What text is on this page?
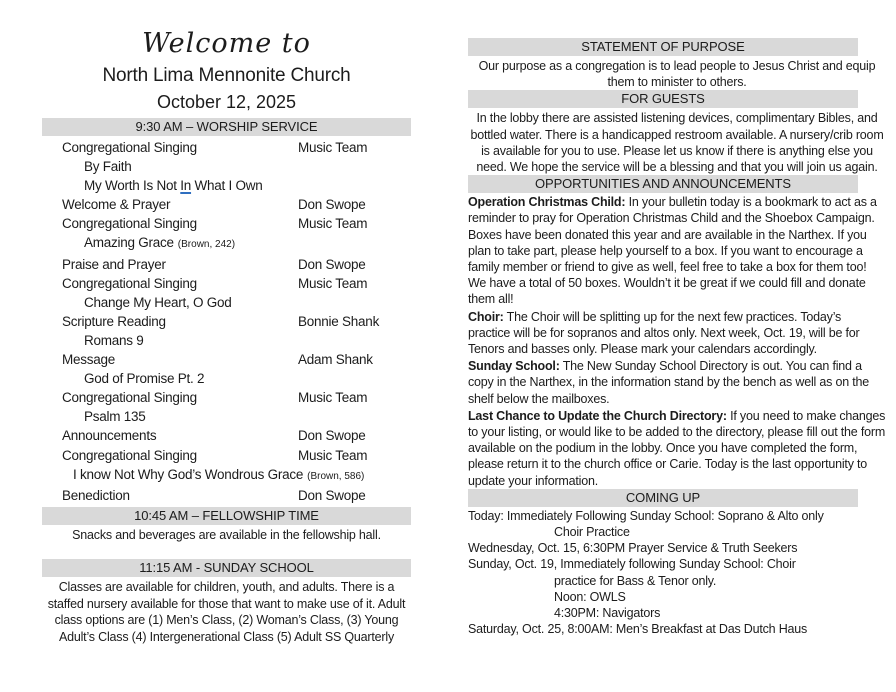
Welcome to
North Lima Mennonite Church
October 12, 2025
9:30 AM – WORSHIP SERVICE
Congregational Singing	Music Team
By Faith
My Worth Is Not In What I Own
Welcome & Prayer	Don Swope
Congregational Singing	Music Team
Amazing Grace (Brown, 242)
Praise and Prayer	Don Swope
Congregational Singing	Music Team
Change My Heart, O God
Scripture Reading	Bonnie Shank
Romans 9
Message	Adam Shank
God of Promise Pt. 2
Congregational Singing	Music Team
Psalm 135
Announcements	Don Swope
Congregational Singing	Music Team
I know Not Why God’s Wondrous Grace (Brown, 586)
Benediction	Don Swope
10:45 AM – FELLOWSHIP TIME

Snacks and beverages are available in the fellowship hall.

11:15 AM - SUNDAY SCHOOL

Classes are available for children, youth, and adults. There is a staffed nursery available for those that want to make use of it. Adult class options are (1) Men’s Class, (2) Woman’s Class, (3) Young Adult’s Class (4) Intergenerational Class (5) Adult SS Quarterly

STATEMENT OF PURPOSE

Our purpose as a congregation is to lead people to Jesus Christ and equip them to minister to others.

FOR GUESTS

In the lobby there are assisted listening devices, complimentary Bibles, and bottled water. There is a handicapped restroom available. A nursery/crib room is available for you to use. Please let us know if there is anything else you need. We hope the service will be a blessing and that you will join us again.

OPPORTUNITIES AND ANNOUNCEMENTS

Operation Christmas Child: In your bulletin today is a bookmark to act as a reminder to pray for Operation Christmas Child and the Shoebox Campaign. Boxes have been donated this year and are available in the Narthex. If you plan to take part, please help yourself to a box. If you want to encourage a family member or friend to give as well, feel free to take a box for them too! We have a total of 50 boxes. Wouldn’t it be great if we could fill and donate them all!

Choir: The Choir will be splitting up for the next few practices. Today’s practice will be for sopranos and altos only. Next week, Oct. 19, will be for Tenors and basses only. Please mark your calendars accordingly.

Sunday School: The New Sunday School Directory is out. You can find a copy in the Narthex, in the information stand by the bench as well as on the shelf below the mailboxes.

Last Chance to Update the Church Directory: If you need to make changes to your listing, or would like to be added to the directory, please fill out the form available on the podium in the lobby. Once you have completed the form, please return it to the church office or Carie. Today is the last opportunity to update your information.

COMING UP
Today: Immediately Following Sunday School: Soprano & Alto only
Choir Practice
Wednesday, Oct. 15, 6:30PM Prayer Service & Truth Seekers
Sunday, Oct. 19, Immediately following Sunday School: Choir
practice for Bass & Tenor only.
Noon: OWLS
4:30PM: Navigators
Saturday, Oct. 25, 8:00AM: Men’s Breakfast at Das Dutch Haus
